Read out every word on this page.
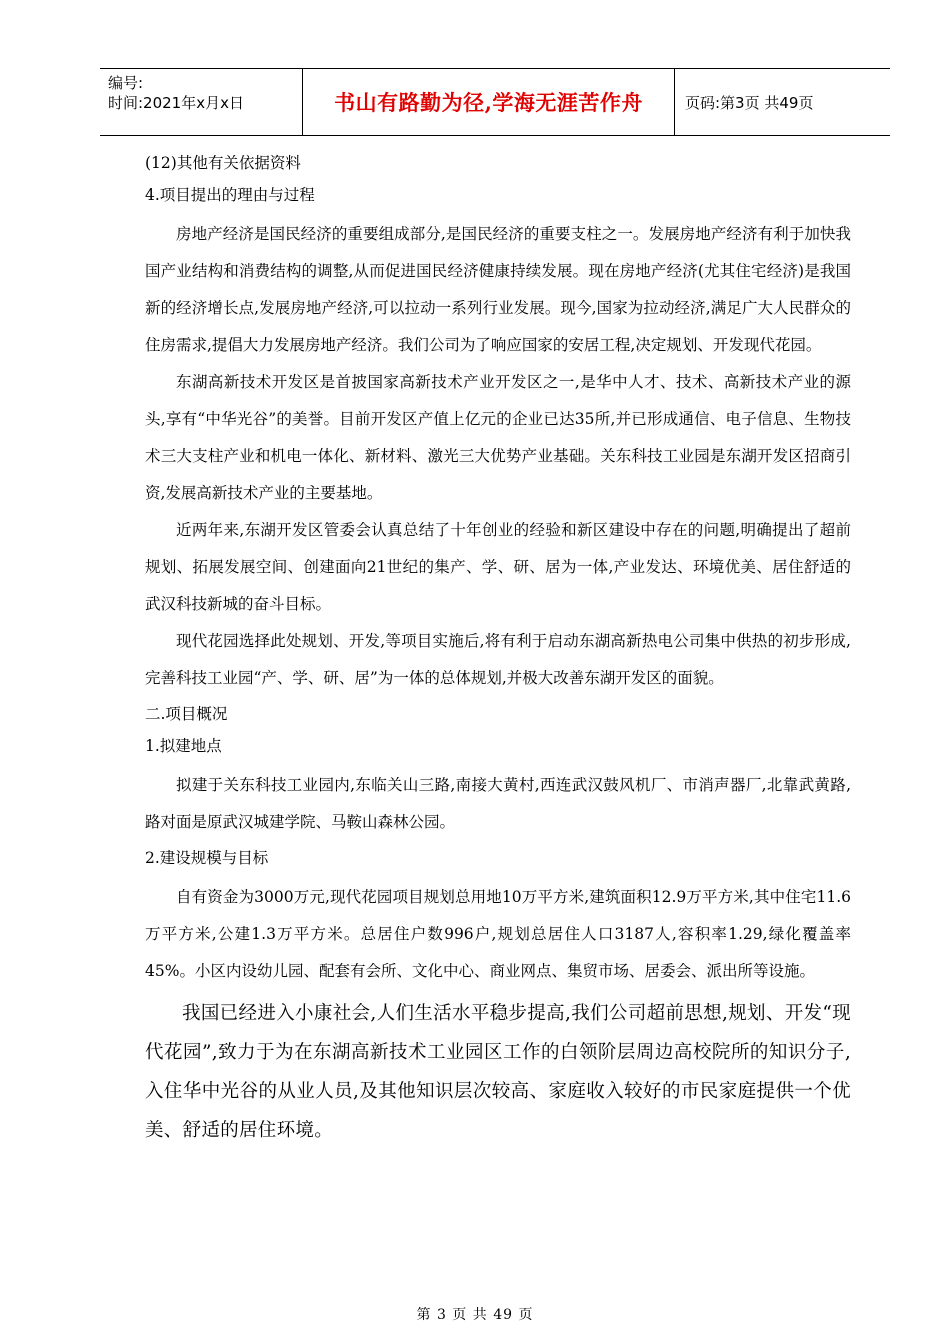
编号:
时间:2021年x月x日	书山有路勤为径,学海无涯苦作舟	页码:第3页 共49页

(12)其他有关依据资料

4.项目提出的理由与过程

房地产经济是国民经济的重要组成部分,是国民经济的重要支柱之一。发展房地产经济有利于加快我国产业结构和消费结构的调整,从而促进国民经济健康持续发展。现在房地产经济(尤其住宅经济)是我国新的经济增长点,发展房地产经济,可以拉动一系列行业发展。现今,国家为拉动经济,满足广大人民群众的住房需求,提倡大力发展房地产经济。我们公司为了响应国家的安居工程,决定规划、开发现代花园。

东湖高新技术开发区是首披国家高新技术产业开发区之一,是华中人才、技术、高新技术产业的源头,享有“中华光谷”的美誉。目前开发区产值上亿元的企业已达35所,并已形成通信、电子信息、生物技术三大支柱产业和机电一体化、新材料、激光三大优势产业基础。关东科技工业园是东湖开发区招商引资,发展高新技术产业的主要基地。

近两年来,东湖开发区管委会认真总结了十年创业的经验和新区建设中存在的问题,明确提出了超前规划、拓展发展空间、创建面向21世纪的集产、学、研、居为一体,产业发达、环境优美、居住舒适的武汉科技新城的奋斗目标。

现代花园选择此处规划、开发,等项目实施后,将有利于启动东湖高新热电公司集中供热的初步形成,完善科技工业园“产、学、研、居”为一体的总体规划,并极大改善东湖开发区的面貌。

二.项目概况

1.拟建地点

拟建于关东科技工业园内,东临关山三路,南接大黄村,西连武汉鼓风机厂、市消声器厂,北靠武黄路,路对面是原武汉城建学院、马鞍山森林公园。

2.建设规模与目标

自有资金为3000万元,现代花园项目规划总用地10万平方米,建筑面积12.9万平方米,其中住宅11.6万平方米,公建1.3万平方米。总居住户数996户,规划总居住人口3187人,容积率1.29,绿化覆盖率45%。小区内设幼儿园、配套有会所、文化中心、商业网点、集贸市场、居委会、派出所等设施。

我国已经进入小康社会,人们生活水平稳步提高,我们公司超前思想,规划、开发“现代花园”,致力于为在东湖高新技术工业园区工作的白领阶层周边高校院所的知识分子,入住华中光谷的从业人员,及其他知识层次较高、家庭收入较好的市民家庭提供一个优美、舒适的居住环境。

第 3 页 共 49 页
